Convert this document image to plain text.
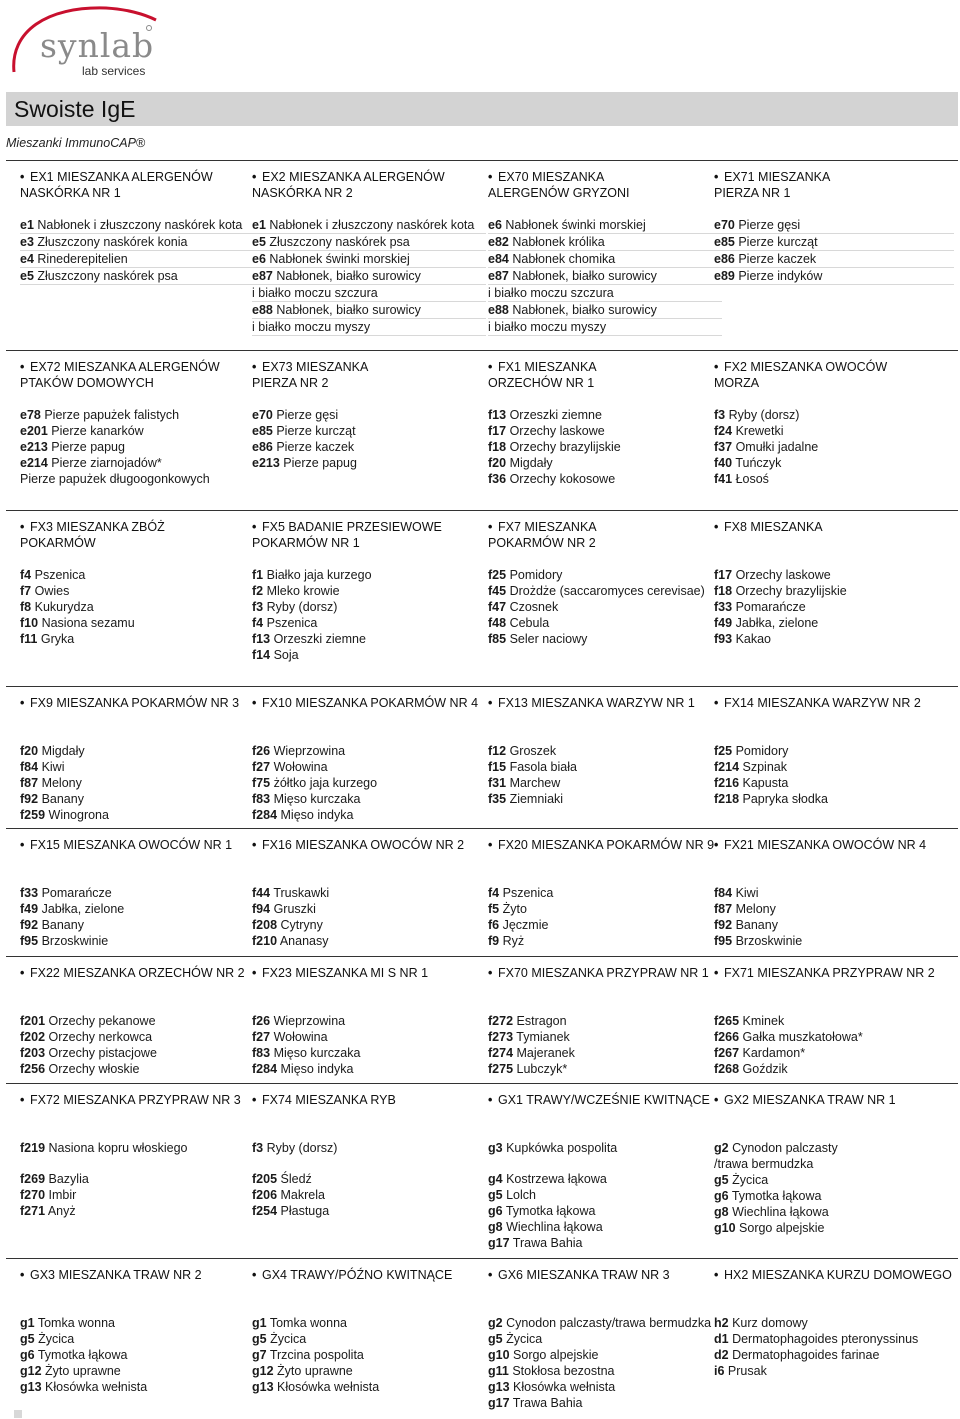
synlab
lab services
Swoiste IgE
Mieszanki ImmunoCAP®
• EX1 MIESZANKA ALERGENÓW
NASKÓRKA NR 1
e1 Nabłonek i złuszczony naskórek kota
e3 Złuszczony naskórek konia
e4 Rinederepitelien
e5 Złuszczony naskórek psa
• EX2 MIESZANKA ALERGENÓW
NASKÓRKA NR 2
e1 Nabłonek i złuszczony naskórek kota
e5 Złuszczony naskórek psa
e6 Nabłonek świnki morskiej
e87 Nabłonek, białko surowicy
i białko moczu szczura
e88 Nabłonek, białko surowicy
i białko moczu myszy
• EX70 MIESZANKA
ALERGENÓW GRYZONI
e6 Nabłonek świnki morskiej
e82 Nabłonek królika
e84 Nabłonek chomika
e87 Nabłonek, białko surowicy
i białko moczu szczura
e88 Nabłonek, białko surowicy
i białko moczu myszy
• EX71 MIESZANKA
PIERZA NR 1
e70 Pierze gęsi
e85 Pierze kurcząt
e86 Pierze kaczek
e89 Pierze indyków
• EX72 MIESZANKA ALERGENÓW
PTAKÓW DOMOWYCH
e78 Pierze papużek falistych
e201 Pierze kanarków
e213 Pierze papug
e214 Pierze ziarnojadów*
Pierze papużek długoogonkowych
• EX73 MIESZANKA
PIERZA NR 2
e70 Pierze gęsi
e85 Pierze kurcząt
e86 Pierze kaczek
e213 Pierze papug
• FX1 MIESZANKA
ORZECHÓW NR 1
f13 Orzeszki ziemne
f17 Orzechy laskowe
f18 Orzechy brazylijskie
f20 Migdały
f36 Orzechy kokosowe
• FX2 MIESZANKA OWOCÓW
MORZA
f3 Ryby (dorsz)
f24 Krewetki
f37 Omułki jadalne
f40 Tuńczyk
f41 Łosoś
• FX3 MIESZANKA ZBÓŻ
POKARMÓW
f4 Pszenica
f7 Owies
f8 Kukurydza
f10 Nasiona sezamu
f11 Gryka
• FX5 BADANIE PRZESIEWOWE
POKARMÓW NR 1
f1 Białko jaja kurzego
f2 Mleko krowie
f3 Ryby (dorsz)
f4 Pszenica
f13 Orzeszki ziemne
f14 Soja
• FX7 MIESZANKA
POKARMÓW NR 2
f25 Pomidory
f45 Drożdże (saccaromyces cerevisae)
f47 Czosnek
f48 Cebula
f85 Seler naciowy
• FX8 MIESZANKA
f17 Orzechy laskowe
f18 Orzechy brazylijskie
f33 Pomarańcze
f49 Jabłka, zielone
f93 Kakao
• FX9 MIESZANKA POKARMÓW NR 3
f20 Migdały
f84 Kiwi
f87 Melony
f92 Banany
f259 Winogrona
• FX10 MIESZANKA POKARMÓW NR 4
f26 Wieprzowina
f27 Wołowina
f75 żółtko jaja kurzego
f83 Mięso kurczaka
f284 Mięso indyka
• FX13 MIESZANKA WARZYW NR 1
f12 Groszek
f15 Fasola biała
f31 Marchew
f35 Ziemniaki
• FX14 MIESZANKA WARZYW NR 2
f25 Pomidory
f214 Szpinak
f216 Kapusta
f218 Papryka słodka
• FX15 MIESZANKA OWOCÓW NR 1
f33 Pomarańcze
f49 Jabłka, zielone
f92 Banany
f95 Brzoskwinie
• FX16 MIESZANKA OWOCÓW NR 2
f44 Truskawki
f94 Gruszki
f208 Cytryny
f210 Ananasy
• FX20 MIESZANKA POKARMÓW NR 9
f4 Pszenica
f5 Żyto
f6 Jęczmie
f9 Ryż
• FX21 MIESZANKA OWOCÓW NR 4
f84 Kiwi
f87 Melony
f92 Banany
f95 Brzoskwinie
• FX22 MIESZANKA ORZECHÓW NR 2
f201 Orzechy pekanowe
f202 Orzechy nerkowca
f203 Orzechy pistacjowe
f256 Orzechy włoskie
• FX23 MIESZANKA MI S NR 1
f26 Wieprzowina
f27 Wołowina
f83 Mięso kurczaka
f284 Mięso indyka
• FX70 MIESZANKA PRZYPRAW NR 1
f272 Estragon
f273 Tymianek
f274 Majeranek
f275 Lubczyk*
• FX71 MIESZANKA PRZYPRAW NR 2
f265 Kminek
f266 Gałka muszkatołowa*
f267 Kardamon*
f268 Goździk
• FX72 MIESZANKA PRZYPRAW NR 3
f219 Nasiona kopru włoskiego
f269 Bazylia
f270 Imbir
f271 Anyż
• FX74 MIESZANKA RYB
f3 Ryby (dorsz)
f205 Śledź
f206 Makrela
f254 Płastuga
• GX1 TRAWY/WCZEŚNIE KWITNĄCE
g3 Kupkówka pospolita
g4 Kostrzewa łąkowa
g5 Lolch
g6 Tymotka łąkowa
g8 Wiechlina łąkowa
g17 Trawa Bahia
• GX2 MIESZANKA TRAW NR 1
g2 Cynodon palczasty
/trawa bermudzka
g5 Życica
g6 Tymotka łąkowa
g8 Wiechlina łąkowa
g10 Sorgo alpejskie
• GX3 MIESZANKA TRAW NR 2
g1 Tomka wonna
g5 Życica
g6 Tymotka łąkowa
g12 Żyto uprawne
g13 Kłosówka wełnista
• GX4 TRAWY/PÓŹNO KWITNĄCE
g1 Tomka wonna
g5 Życica
g7 Trzcina pospolita
g12 Żyto uprawne
g13 Kłosówka wełnista
• GX6 MIESZANKA TRAW NR 3
g2 Cynodon palczasty/trawa bermudzka
g5 Życica
g10 Sorgo alpejskie
g11 Stokłosa bezostna
g13 Kłosówka wełnista
g17 Trawa Bahia
• HX2 MIESZANKA KURZU DOMOWEGO
h2 Kurz domowy
d1 Dermatophagoides pteronyssinus
d2 Dermatophagoides farinae
i6 Prusak
